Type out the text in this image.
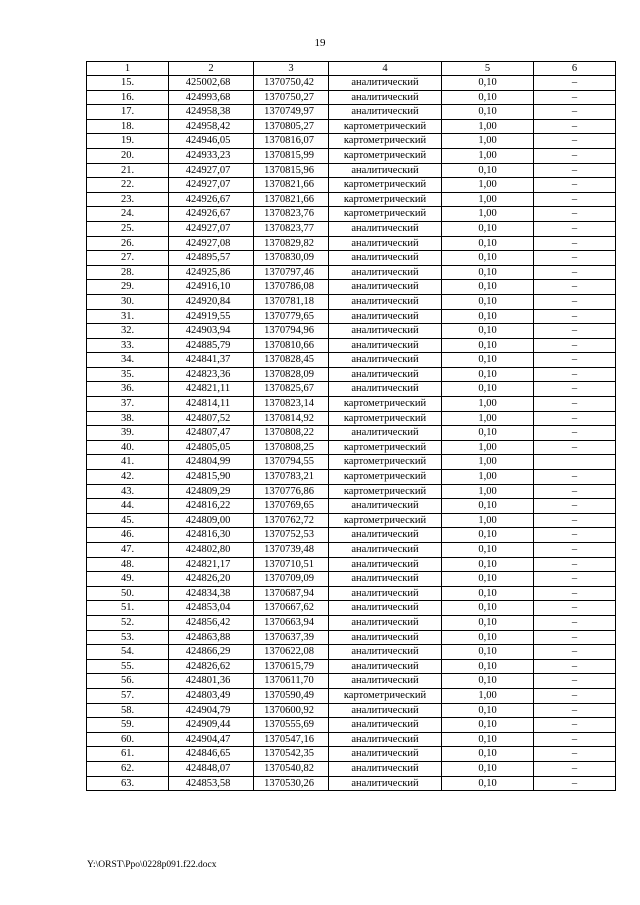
19
1	2	3	4	5	6
15.	425002,68	1370750,42	аналитический	0,10	–
16.	424993,68	1370750,27	аналитический	0,10	–
17.	424958,38	1370749,97	аналитический	0,10	–
18.	424958,42	1370805,27	картометрический	1,00	–
19.	424946,05	1370816,07	картометрический	1,00	–
20.	424933,23	1370815,99	картометрический	1,00	–
21.	424927,07	1370815,96	аналитический	0,10	–
22.	424927,07	1370821,66	картометрический	1,00	–
23.	424926,67	1370821,66	картометрический	1,00	–
24.	424926,67	1370823,76	картометрический	1,00	–
25.	424927,07	1370823,77	аналитический	0,10	–
26.	424927,08	1370829,82	аналитический	0,10	–
27.	424895,57	1370830,09	аналитический	0,10	–
28.	424925,86	1370797,46	аналитический	0,10	–
29.	424916,10	1370786,08	аналитический	0,10	–
30.	424920,84	1370781,18	аналитический	0,10	–
31.	424919,55	1370779,65	аналитический	0,10	–
32.	424903,94	1370794,96	аналитический	0,10	–
33.	424885,79	1370810,66	аналитический	0,10	–
34.	424841,37	1370828,45	аналитический	0,10	–
35.	424823,36	1370828,09	аналитический	0,10	–
36.	424821,11	1370825,67	аналитический	0,10	–
37.	424814,11	1370823,14	картометрический	1,00	–
38.	424807,52	1370814,92	картометрический	1,00	–
39.	424807,47	1370808,22	аналитический	0,10	–
40.	424805,05	1370808,25	картометрический	1,00	–
41.	424804,99	1370794,55	картометрический	1,00	
42.	424815,90	1370783,21	картометрический	1,00	–
43.	424809,29	1370776,86	картометрический	1,00	–
44.	424816,22	1370769,65	аналитический	0,10	–
45.	424809,00	1370762,72	картометрический	1,00	–
46.	424816,30	1370752,53	аналитический	0,10	–
47.	424802,80	1370739,48	аналитический	0,10	–
48.	424821,17	1370710,51	аналитический	0,10	–
49.	424826,20	1370709,09	аналитический	0,10	–
50.	424834,38	1370687,94	аналитический	0,10	–
51.	424853,04	1370667,62	аналитический	0,10	–
52.	424856,42	1370663,94	аналитический	0,10	–
53.	424863,88	1370637,39	аналитический	0,10	–
54.	424866,29	1370622,08	аналитический	0,10	–
55.	424826,62	1370615,79	аналитический	0,10	–
56.	424801,36	1370611,70	аналитический	0,10	–
57.	424803,49	1370590,49	картометрический	1,00	–
58.	424904,79	1370600,92	аналитический	0,10	–
59.	424909,44	1370555,69	аналитический	0,10	–
60.	424904,47	1370547,16	аналитический	0,10	–
61.	424846,65	1370542,35	аналитический	0,10	–
62.	424848,07	1370540,82	аналитический	0,10	–
63.	424853,58	1370530,26	аналитический	0,10	–
Y:\ORST\Ppo\0228p091.f22.docx
